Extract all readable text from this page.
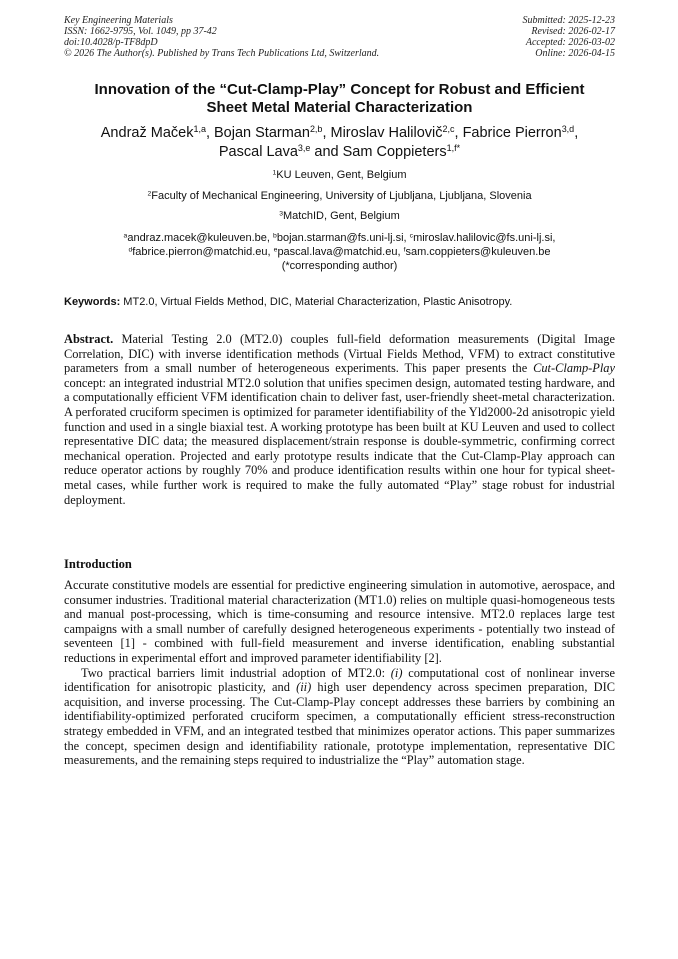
Key Engineering Materials
ISSN: 1662-9795, Vol. 1049, pp 37-42
doi:10.4028/p-TF8dpD
© 2026 The Author(s). Published by Trans Tech Publications Ltd, Switzerland.
Submitted: 2025-12-23
Revised: 2026-02-17
Accepted: 2026-03-02
Online: 2026-04-15
Innovation of the “Cut-Clamp-Play” Concept for Robust and Efficient
Sheet Metal Material Characterization
Andraž Maček$^{1,a}$, Bojan Starman$^{2,b}$, Miroslav Halilovič$^{2,c}$, Fabrice Pierron$^{3,d}$,
Pascal Lava$^{3,e}$ and Sam Coppieters$^{1,f*}$
$^1$KU Leuven, Gent, Belgium
$^2$Faculty of Mechanical Engineering, University of Ljubljana, Ljubljana, Slovenia
$^3$MatchID, Gent, Belgium
$^a$andraz.macek@kuleuven.be, $^b$bojan.starman@fs.uni-lj.si, $^c$miroslav.halilovic@fs.uni-lj.si,
$^d$fabrice.pierron@matchid.eu, $^e$pascal.lava@matchid.eu, $^f$sam.coppieters@kuleuven.be
(*corresponding author)
Keywords: MT2.0, Virtual Fields Method, DIC, Material Characterization, Plastic Anisotropy.
Abstract. Material Testing 2.0 (MT2.0) couples full-field deformation measurements (Digital Image Correlation, DIC) with inverse identification methods (Virtual Fields Method, VFM) to extract constitutive parameters from a small number of heterogeneous experiments. This paper presents the Cut-Clamp-Play concept: an integrated industrial MT2.0 solution that unifies specimen design, automated testing hardware, and a computationally efficient VFM identification chain to deliver fast, user-friendly sheet-metal characterization. A perforated cruciform specimen is optimized for parameter identifiability of the Yld2000-2d anisotropic yield function and used in a single biaxial test. A working prototype has been built at KU Leuven and used to collect representative DIC data; the measured displacement/strain response is double-symmetric, confirming correct mechanical operation. Projected and early prototype results indicate that the Cut-Clamp-Play approach can reduce operator actions by roughly 70% and produce identification results within one hour for typical sheet-metal cases, while further work is required to make the fully automated “Play” stage robust for industrial deployment.
Introduction

Accurate constitutive models are essential for predictive engineering simulation in automotive, aerospace, and consumer industries. Traditional material characterization (MT1.0) relies on multiple quasi-homogeneous tests and manual post-processing, which is time-consuming and resource intensive. MT2.0 replaces large test campaigns with a small number of carefully designed heterogeneous experiments - potentially two instead of seventeen [1] - combined with full-field measurement and inverse identification, enabling substantial reductions in experimental effort and improved parameter identifiability [2].

Two practical barriers limit industrial adoption of MT2.0: (i) computational cost of nonlinear inverse identification for anisotropic plasticity, and (ii) high user dependency across specimen preparation, DIC acquisition, and inverse processing. The Cut-Clamp-Play concept addresses these barriers by combining an identifiability-optimized perforated cruciform specimen, a computationally efficient stress-reconstruction strategy embedded in VFM, and an integrated testbed that minimizes operator actions. This paper summarizes the concept, specimen design and identifiability rationale, prototype implementation, representative DIC measurements, and the remaining steps required to industrialize the “Play” automation stage.
